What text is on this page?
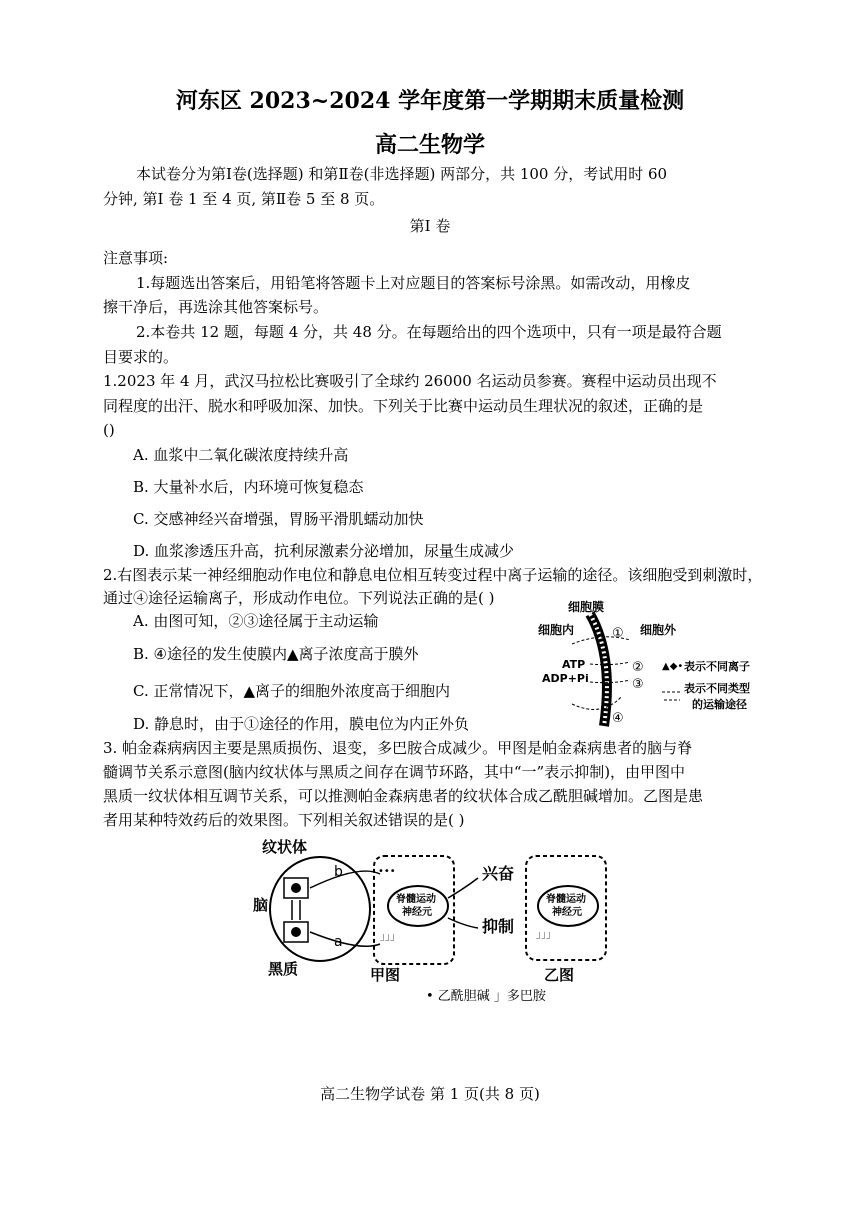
河东区 2023~2024 学年度第一学期期末质量检测
高二生物学
本试卷分为第Ⅰ卷(选择题) 和第Ⅱ卷(非选择题) 两部分，共 100 分，考试用时 60
分钟, 第Ⅰ 卷 1 至 4 页, 第Ⅱ卷 5 至 8 页。
第Ⅰ 卷
注意事项:
1.每题选出答案后，用铅笔将答题卡上对应题目的答案标号涂黑。如需改动，用橡皮
擦干净后，再选涂其他答案标号。
2.本卷共 12 题，每题 4 分，共 48 分。在每题给出的四个选项中，只有一项是最符合题
目要求的。
1.2023 年 4 月，武汉马拉松比赛吸引了全球约 26000 名运动员参赛。赛程中运动员出现不
同程度的出汗、脱水和呼吸加深、加快。下列关于比赛中运动员生理状况的叙述，正确的是
()
A. 血浆中二氧化碳浓度持续升高
B. 大量补水后，内环境可恢复稳态
C. 交感神经兴奋增强，胃肠平滑肌蠕动加快
D. 血浆渗透压升高，抗利尿激素分泌增加，尿量生成减少
2.右图表示某一神经细胞动作电位和静息电位相互转变过程中离子运输的途径。该细胞受到刺激时，
通过④途径运输离子，形成动作电位。下列说法正确的是( )
A. 由图可知，②③途径属于主动运输
B. ④途径的发生使膜内▲离子浓度高于膜外
C. 正常情况下，▲离子的细胞外浓度高于细胞内
D. 静息时，由于①途径的作用，膜电位为内正外负
细胞膜
细胞内	细胞外
①
②
③
ATP
ADP+Pi
④
▲◆• 表示不同离子
表示不同类型
的运输途径
3. 帕金森病病因主要是黑质损伤、退变，多巴胺合成减少。甲图是帕金森病患者的脑与脊
髓调节关系示意图(脑内纹状体与黑质之间存在调节环路，其中“一”表示抑制)，由甲图中
黑质一纹状体相互调节关系，可以推测帕金森病患者的纹状体合成乙酰胆碱增加。乙图是患
者用某种特效药后的效果图。下列相关叙述错误的是( )
纹状体
脑
黑质
b
a
脊髓运动
神经元
•••
」」」
兴奋
抑制
甲图
脊髓运动
神经元
」」」
乙图
• 乙酰胆碱 」多巴胺
高二生物学试卷 第 1 页(共 8 页)
